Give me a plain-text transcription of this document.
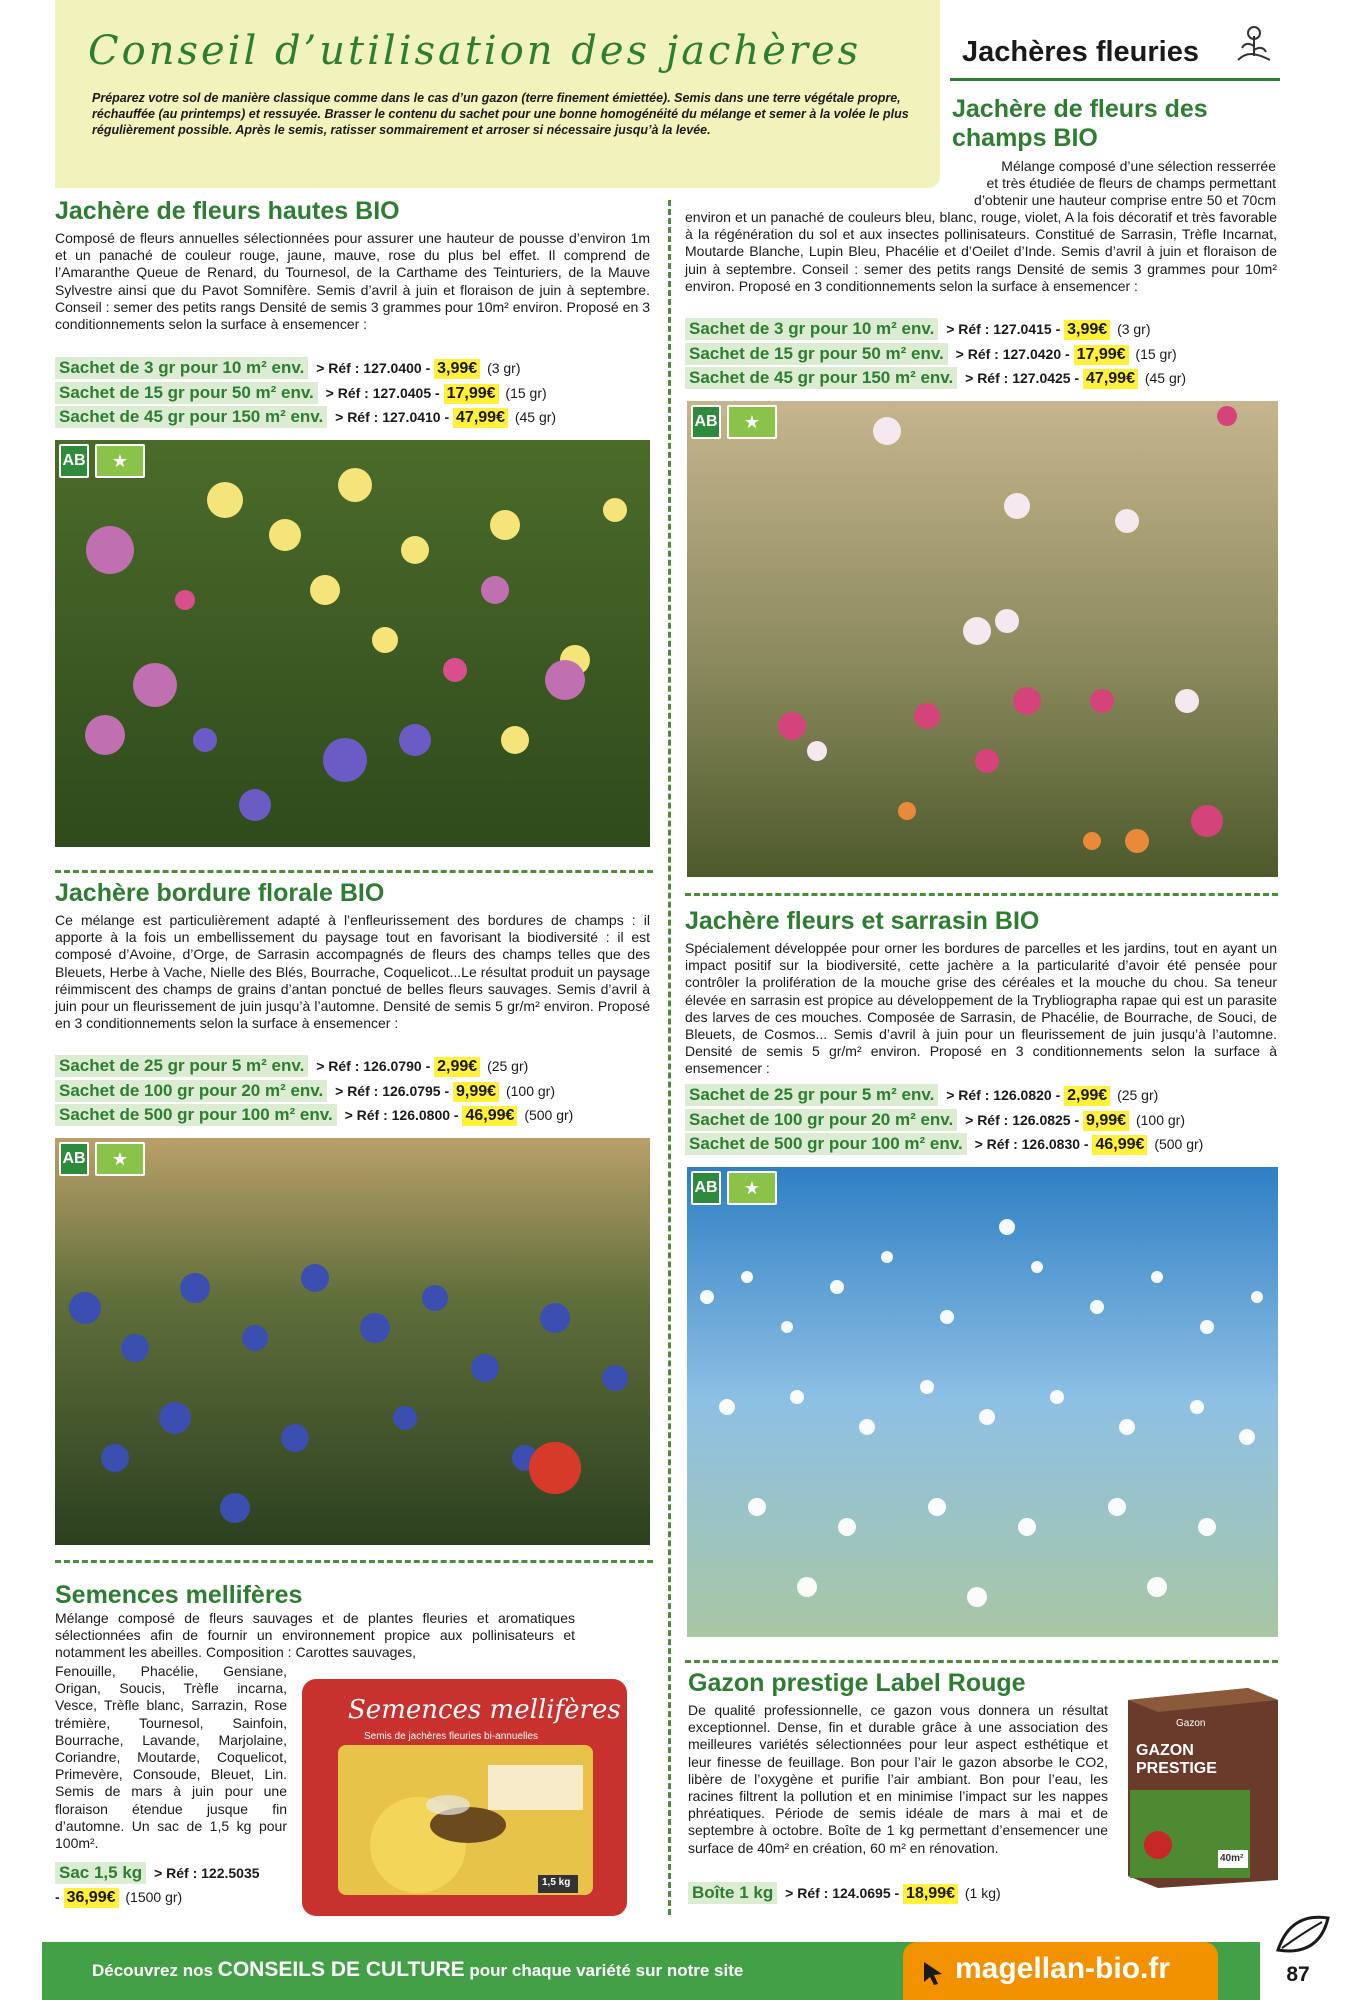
Conseil d’utilisation des jachères
Préparez votre sol de manière classique comme dans le cas d’un gazon (terre finement émiettée). Semis dans une terre végétale propre, réchauffée (au printemps) et ressuyée. Brasser le contenu du sachet pour une bonne homogénéité du mélange et semer à la volée le plus régulièrement possible. Après le semis, ratisser sommairement et arroser si nécessaire jusqu’à la levée.
Jachères fleuries
Jachère de fleurs hautes BIO
Composé de fleurs annuelles sélectionnées pour assurer une hauteur de pousse d’environ 1m et un panaché de couleur rouge, jaune, mauve, rose du plus bel effet. Il comprend de l’Amaranthe Queue de Renard, du Tournesol, de la Carthame des Teinturiers, de la Mauve Sylvestre ainsi que du Pavot Somnifère. Semis d’avril à juin et floraison de juin à septembre. Conseil : semer des petits rangs Densité de semis 3 grammes pour 10m² environ. Proposé en 3 conditionnements selon la surface à ensemencer :
Sachet de 3 gr pour 10 m² env. > Réf : 127.0400 - 3,99€ (3 gr)
Sachet de 15 gr pour 50 m² env. > Réf : 127.0405 - 17,99€ (15 gr)
Sachet de 45 gr pour 150 m² env. > Réf : 127.0410 - 47,99€ (45 gr)
AB	★
Jachère de fleurs des
champs BIO
Mélange composé d’une sélection resserrée
et très étudiée de fleurs de champs permettant
d’obtenir une hauteur comprise entre 50 et 70cm
environ et un panaché de couleurs bleu, blanc, rouge, violet, A la fois décoratif et très favorable à la régénération du sol et aux insectes pollinisateurs. Constitué de Sarrasin, Trèfle Incarnat, Moutarde Blanche, Lupin Bleu, Phacélie et d’Oeilet d’Inde. Semis d’avril à juin et floraison de juin à septembre. Conseil : semer des petits rangs Densité de semis 3 grammes pour 10m² environ. Proposé en 3 conditionnements selon la surface à ensemencer :
Sachet de 3 gr pour 10 m² env. > Réf : 127.0415 - 3,99€ (3 gr)
Sachet de 15 gr pour 50 m² env. > Réf : 127.0420 - 17,99€ (15 gr)
Sachet de 45 gr pour 150 m² env. > Réf : 127.0425 - 47,99€ (45 gr)
AB	★
Jachère bordure florale BIO
Ce mélange est particulièrement adapté à l’enfleurissement des bordures de champs : il apporte à la fois un embellissement du paysage tout en favorisant la biodiversité : il est composé d’Avoine, d’Orge, de Sarrasin accompagnés de fleurs des champs telles que des Bleuets, Herbe à Vache, Nielle des Blés, Bourrache, Coquelicot...Le résultat produit un paysage réimmiscent des champs de grains d’antan ponctué de belles fleurs sauvages. Semis d’avril à juin pour un fleurissement de juin jusqu’à l’automne. Densité de semis 5 gr/m² environ. Proposé en 3 conditionnements selon la surface à ensemencer :
Sachet de 25 gr pour 5 m² env. > Réf : 126.0790 - 2,99€ (25 gr)
Sachet de 100 gr pour 20 m² env. > Réf : 126.0795 - 9,99€ (100 gr)
Sachet de 500 gr pour 100 m² env. > Réf : 126.0800 - 46,99€ (500 gr)
AB	★
Jachère fleurs et sarrasin BIO
Spécialement développée pour orner les bordures de parcelles et les jardins, tout en ayant un impact positif sur la biodiversité, cette jachère a la particularité d’avoir été pensée pour contrôler la prolifération de la mouche grise des céréales et la mouche du chou. Sa teneur élevée en sarrasin est propice au développement de la Trybliographa rapae qui est un parasite des larves de ces mouches. Composée de Sarrasin, de Phacélie, de Bourrache, de Souci, de Bleuets, de Cosmos... Semis d’avril à juin pour un fleurissement de juin jusqu’à l’automne. Densité de semis 5 gr/m² environ. Proposé en 3 conditionnements selon la surface à ensemencer :
Sachet de 25 gr pour 5 m² env. > Réf : 126.0820 - 2,99€ (25 gr)
Sachet de 100 gr pour 20 m² env. > Réf : 126.0825 - 9,99€ (100 gr)
Sachet de 500 gr pour 100 m² env. > Réf : 126.0830 - 46,99€ (500 gr)
AB	★
Semences mellifères
Mélange composé de fleurs sauvages et de plantes fleuries et aromatiques sélectionnées afin de fournir un environnement propice aux pollinisateurs et notamment les abeilles. Composition : Carottes sauvages,
Fenouille, Phacélie, Gensiane, Origan, Soucis, Trèfle incarna, Vesce, Trèfle blanc, Sarrazin, Rose trémière, Tournesol, Sainfoin, Bourrache, Lavande, Marjolaine, Coriandre, Moutarde, Coquelicot, Primevère, Consoude, Bleuet, Lin. Semis de mars à juin pour une floraison étendue jusque fin d’automne. Un sac de 1,5 kg pour 100m².
Sac 1,5 kg > Réf : 122.5035
- 36,99€ (1500 gr)
Semences mellifères
Semis de jachères fleuries bi-annuelles
1,5 kg
Gazon prestige Label Rouge
De qualité professionnelle, ce gazon vous donnera un résultat exceptionnel. Dense, fin et durable grâce à une association des meilleures variétés sélectionnées pour leur aspect esthétique et leur finesse de feuillage. Bon pour l’air le gazon absorbe le CO2, libère de l’oxygène et purifie l’air ambiant. Bon pour l’eau, les racines filtrent la pollution et en minimise l’impact sur les nappes phréatiques. Période de semis idéale de mars à mai et de septembre à octobre. Boîte de 1 kg permettant d’ensemencer une surface de 40m² en création, 60 m² en rénovation.
Boîte 1 kg > Réf : 124.0695 - 18,99€ (1 kg)
Gazon
GAZON
PRESTIGE
40m²
Découvrez nos CONSEILS DE CULTURE pour chaque variété sur notre site	magellan-bio.fr	87
